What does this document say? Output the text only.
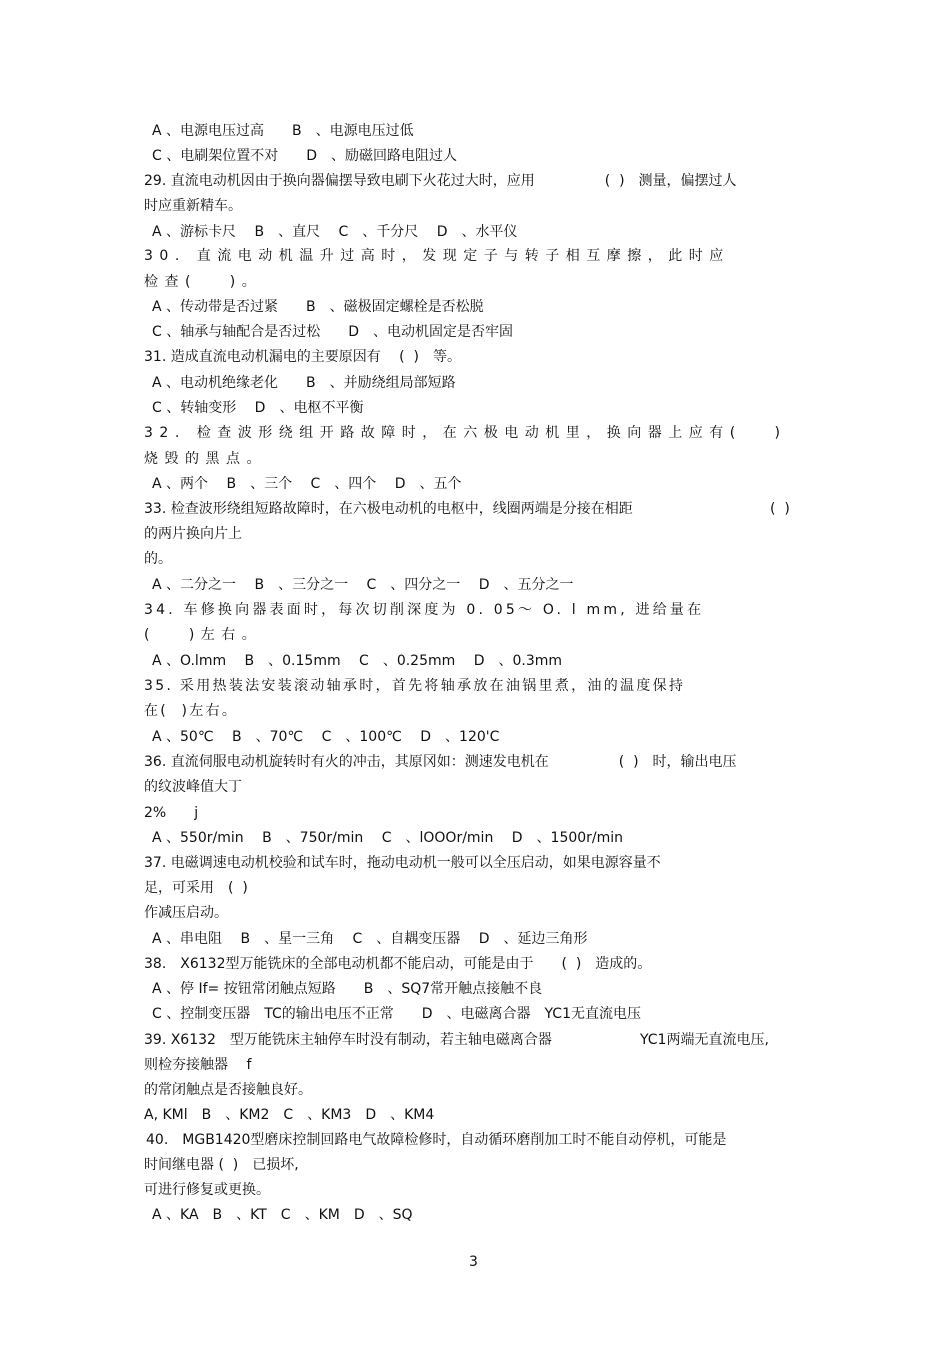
A 、电源电压过高　　B　、电源电压过低
C 、电刷架位置不对　　D　、励磁回路电阻过人
29. 直流电动机因由于换向器偏摆导致电刷下火花过大时，应用　　　　　(  )　测量，偏摆过人
时应重新精车。
A 、游标卡尺　 B　、直尺　 C　、千分尺　 D　、水平仪
30. 直流电动机温升过高时，发现定子与转子相互摩擦，此时应
检查(   )。
A 、传动带是否过紧　　B　、磁极固定螺栓是否松脱
C 、轴承与轴配合是否过松　　D　、电动机固定是否牢固
31. 造成直流电动机漏电的主要原因有　 (  )　等。
A 、电动机绝缘老化　　B　、并励绕组局部短路
C 、转轴变形　 D　、电枢不平衡
32. 检查波形绕组开路故障时，在六极电动机里，换向器上应有(   )
烧毁的黑点。
A 、两个　 B　、三个　 C　、四个　 D　、五个
33. 检查波形绕组短路故障时，在六极电动机的电枢中，线圈两端是分接在相距	(  )
的两片换向片上
的。
A 、二分之一　 B　、三分之一　 C　、四分之一　 D　、五分之一
34. 车修换向器表面时，每次切削深度为 0. 05～ O. l mm, 进给量在
(   )左右。
A 、O.lmm　 B　、0.15mm　 C　、0.25mm　 D　、0.3mm
35. 采用热装法安装滚动轴承时，首先将轴承放在油锅里煮，油的温度保持
在(  )左右。
A 、50℃　 B　、70℃　 C　、100℃　 D　、120'C
36. 直流伺服电动机旋转时有火的冲击，其原冈如：测速发电机在　　　　　(  )　时，输出电压
的纹波峰值大丁
2%　　j
A 、550r/min　 B　、750r/min　 C　、lOOOr/min　 D　、1500r/min
37. 电磁调速电动机校验和试车时，拖动电动机一般可以全压启动，如果电源容量不
足，可采用　(  )
作减压启动。
A 、串电阻　 B　、星一三角　 C　、自耦变压器　 D　、延边三角形
38.　X6132型万能铣床的全部电动机都不能启动，可能是由于　　(  )　造成的。
A 、停 If= 按钮常闭触点短路　　B　、SQ7常开触点接触不良
C 、控制变压器　TC的输出电压不正常　　D　、电磁离合器　YC1无直流电压
39. X6132　型万能铣床主轴停车时没有制动，若主轴电磁离合器	YC1两端无直流电压,
则检夯接触器　 f
的常闭触点是否接触良好。
A, KMl　B　、KM2　C　、KM3　D　、KM4
40.　MGB1420型磨床控制回路电气故障检修时，自动循环磨削加工时不能自动停机，可能是
时间继电器 (  )　已损坏,
可进行修复或更换。
A 、KA　B　、KT　C　、KM　D　、SQ
3
